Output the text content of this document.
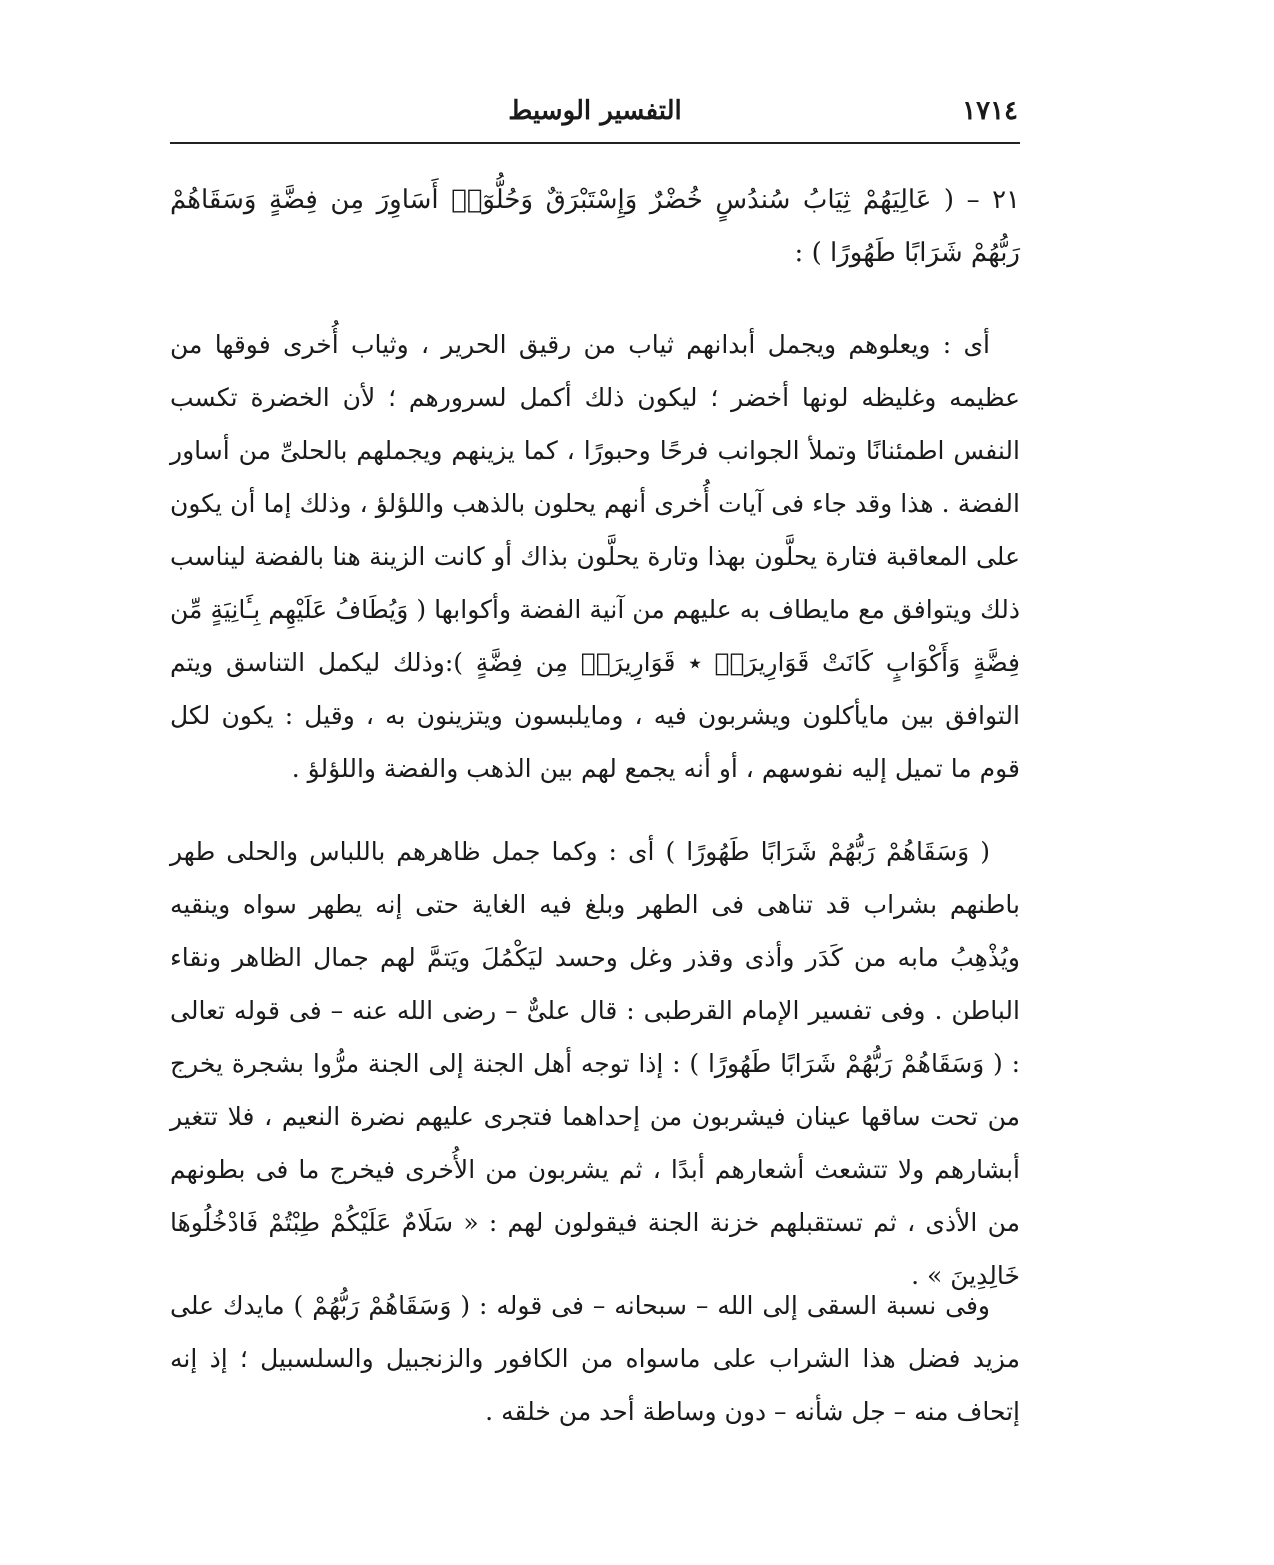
١٧١٤
التفسير الوسيط

٢١ – ( عَالِيَهُمْ ثِيَابُ سُندُسٍ خُضْرٌ وَإِسْتَبْرَقٌ وَحُلُّوٓا۟ أَسَاوِرَ مِن فِضَّةٍ وَسَقَاهُمْ رَبُّهُمْ شَرَابًا طَهُورًا ) :

أى : ويعلوهم ويجمل أبدانهم ثياب من رقيق الحرير ، وثياب أُخرى فوقها من عظيمه وغليظه لونها أخضر ؛ ليكون ذلك أكمل لسرورهم ؛ لأن الخضرة تكسب النفس اطمئنانًا وتملأ الجوانب فرحًا وحبورًا ، كما يزينهم ويجملهم بالحلىِّ من أساور الفضة . هذا وقد جاء فى آيات أُخرى أنهم يحلون بالذهب واللؤلؤ ، وذلك إما أن يكون على المعاقبة فتارة يحلَّون بهذا وتارة يحلَّون بذاك أو كانت الزينة هنا بالفضة ليناسب ذلك ويتوافق مع مايطاف به عليهم من آنية الفضة وأكوابها ( وَيُطَافُ عَلَيْهِم بِـَٔانِيَةٍ مِّن فِضَّةٍ وَأَكْوَابٍ كَانَتْ قَوَارِيرَا۠ ٭ قَوَارِيرَا۟ مِن فِضَّةٍ ):وذلك ليكمل التناسق ويتم التوافق بين مايأكلون ويشربون فيه ، ومايلبسون ويتزينون به ، وقيل : يكون لكل قوم ما تميل إليه نفوسهم ، أو أنه يجمع لهم بين الذهب والفضة واللؤلؤ .

( وَسَقَاهُمْ رَبُّهُمْ شَرَابًا طَهُورًا ) أى : وكما جمل ظاهرهم باللباس والحلى طهر باطنهم بشراب قد تناهى فى الطهر وبلغ فيه الغاية حتى إنه يطهر سواه وينقيه ويُذْهِبُ مابه من كَدَر وأذى وقذر وغل وحسد ليَكْمُلَ ويَتمَّ لهم جمال الظاهر ونقاء الباطن . وفى تفسير الإمام القرطبى : قال علىٌّ – رضى الله عنه – فى قوله تعالى : ( وَسَقَاهُمْ رَبُّهُمْ شَرَابًا طَهُورًا ) : إذا توجه أهل الجنة إلى الجنة مرُّوا بشجرة يخرج من تحت ساقها عينان فيشربون من إحداهما فتجرى عليهم نضرة النعيم ، فلا تتغير أبشارهم ولا تتشعث أشعارهم أبدًا ، ثم يشربون من الأُخرى فيخرج ما فى بطونهم من الأذى ، ثم تستقبلهم خزنة الجنة فيقولون لهم : « سَلَامٌ عَلَيْكُمْ طِبْتُمْ فَادْخُلُوهَا خَالِدِينَ » .

وفى نسبة السقى إلى الله – سبحانه – فى قوله : ( وَسَقَاهُمْ رَبُّهُمْ ) مايدك على مزيد فضل هذا الشراب على ماسواه من الكافور والزنجبيل والسلسبيل ؛ إذ إنه إتحاف منه – جل شأنه – دون وساطة أحد من خلقه .
